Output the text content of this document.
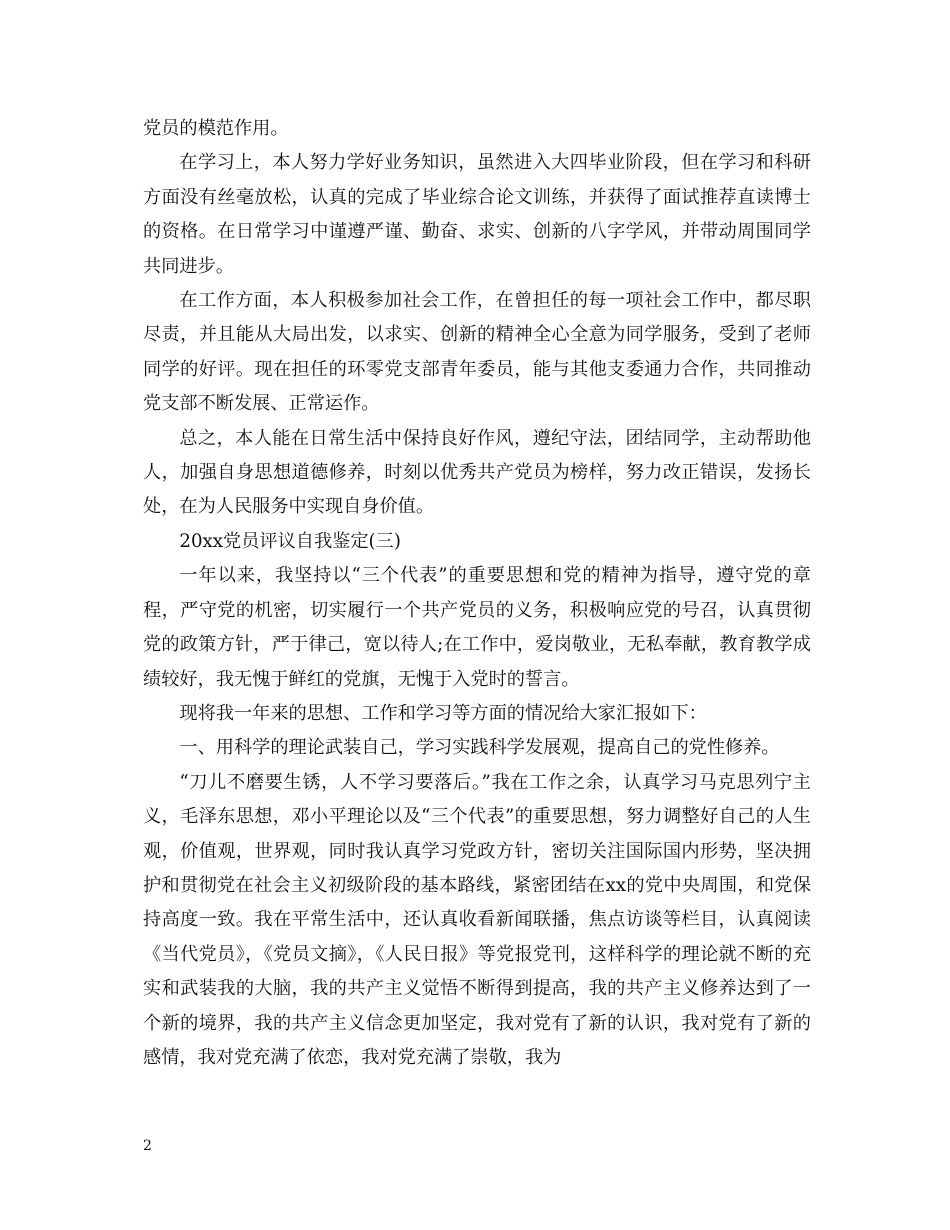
党员的模范作用。

在学习上，本人努力学好业务知识，虽然进入大四毕业阶段，但在学习和科研方面没有丝毫放松，认真的完成了毕业综合论文训练，并获得了面试推荐直读博士的资格。在日常学习中谨遵严谨、勤奋、求实、创新的八字学风，并带动周围同学共同进步。

在工作方面，本人积极参加社会工作，在曾担任的每一项社会工作中，都尽职尽责，并且能从大局出发，以求实、创新的精神全心全意为同学服务，受到了老师同学的好评。现在担任的环零党支部青年委员，能与其他支委通力合作，共同推动党支部不断发展、正常运作。

总之，本人能在日常生活中保持良好作风，遵纪守法，团结同学，主动帮助他人，加强自身思想道德修养，时刻以优秀共产党员为榜样，努力改正错误，发扬长处，在为人民服务中实现自身价值。

20xx党员评议自我鉴定(三)

一年以来，我坚持以“三个代表”的重要思想和党的精神为指导，遵守党的章程，严守党的机密，切实履行一个共产党员的义务，积极响应党的号召，认真贯彻党的政策方针，严于律己，宽以待人;在工作中，爱岗敬业，无私奉献，教育教学成绩较好，我无愧于鲜红的党旗，无愧于入党时的誓言。

现将我一年来的思想、工作和学习等方面的情况给大家汇报如下：

一、用科学的理论武装自己，学习实践科学发展观，提高自己的党性修养。

“刀儿不磨要生锈，人不学习要落后。”我在工作之余，认真学习马克思列宁主义，毛泽东思想，邓小平理论以及“三个代表”的重要思想，努力调整好自己的人生观，价值观，世界观，同时我认真学习党政方针，密切关注国际国内形势，坚决拥护和贯彻党在社会主义初级阶段的基本路线，紧密团结在xx的党中央周围，和党保持高度一致。我在平常生活中，还认真收看新闻联播，焦点访谈等栏目，认真阅读《当代党员》，《党员文摘》，《人民日报》等党报党刊，这样科学的理论就不断的充实和武装我的大脑，我的共产主义觉悟不断得到提高，我的共产主义修养达到了一个新的境界，我的共产主义信念更加坚定，我对党有了新的认识，我对党有了新的感情，我对党充满了依恋，我对党充满了崇敬，我为

2
